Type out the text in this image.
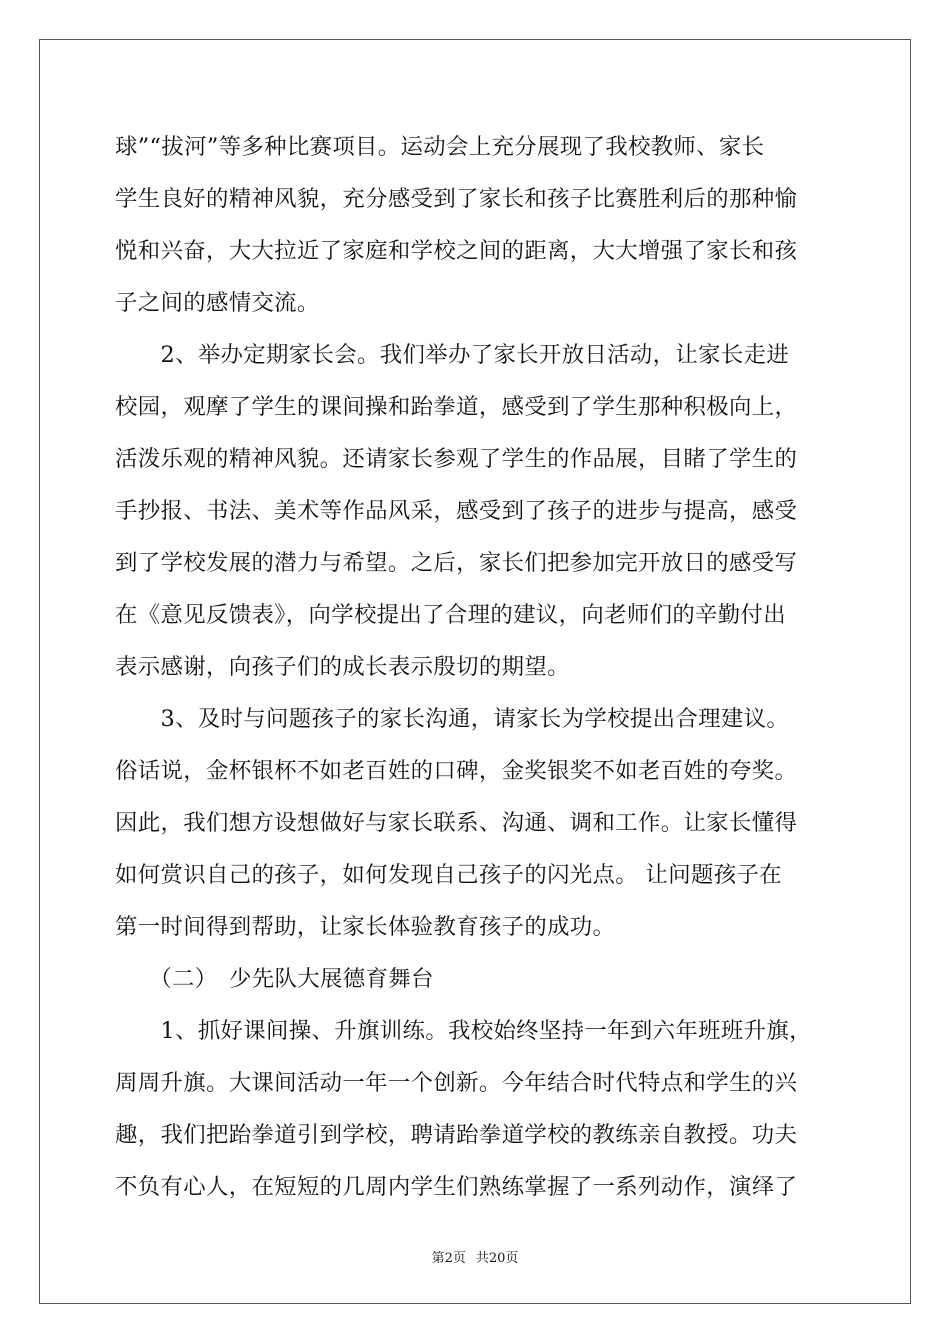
球”“拔河”等多种比赛项目。运动会上充分展现了我校教师、家长
学生良好的精神风貌，充分感受到了家长和孩子比赛胜利后的那种愉
悦和兴奋，大大拉近了家庭和学校之间的距离，大大增强了家长和孩
子之间的感情交流。
　　2、举办定期家长会。我们举办了家长开放日活动，让家长走进
校园，观摩了学生的课间操和跆拳道，感受到了学生那种积极向上，
活泼乐观的精神风貌。还请家长参观了学生的作品展，目睹了学生的
手抄报、书法、美术等作品风采，感受到了孩子的进步与提高，感受
到了学校发展的潜力与希望。之后，家长们把参加完开放日的感受写
在《意见反馈表》，向学校提出了合理的建议，向老师们的辛勤付出
表示感谢，向孩子们的成长表示殷切的期望。
　　3、及时与问题孩子的家长沟通，请家长为学校提出合理建议。
俗话说，金杯银杯不如老百姓的口碑，金奖银奖不如老百姓的夸奖。
因此，我们想方设想做好与家长联系、沟通、调和工作。让家长懂得
如何赏识自己的孩子，如何发现自己孩子的闪光点。 让问题孩子在
第一时间得到帮助，让家长体验教育孩子的成功。
　　（二）　少先队大展德育舞台
　　1、抓好课间操、升旗训练。我校始终坚持一年到六年班班升旗，
周周升旗。大课间活动一年一个创新。今年结合时代特点和学生的兴
趣，我们把跆拳道引到学校，聘请跆拳道学校的教练亲自教授。功夫
不负有心人，在短短的几周内学生们熟练掌握了一系列动作，演绎了
第2页 共20页
